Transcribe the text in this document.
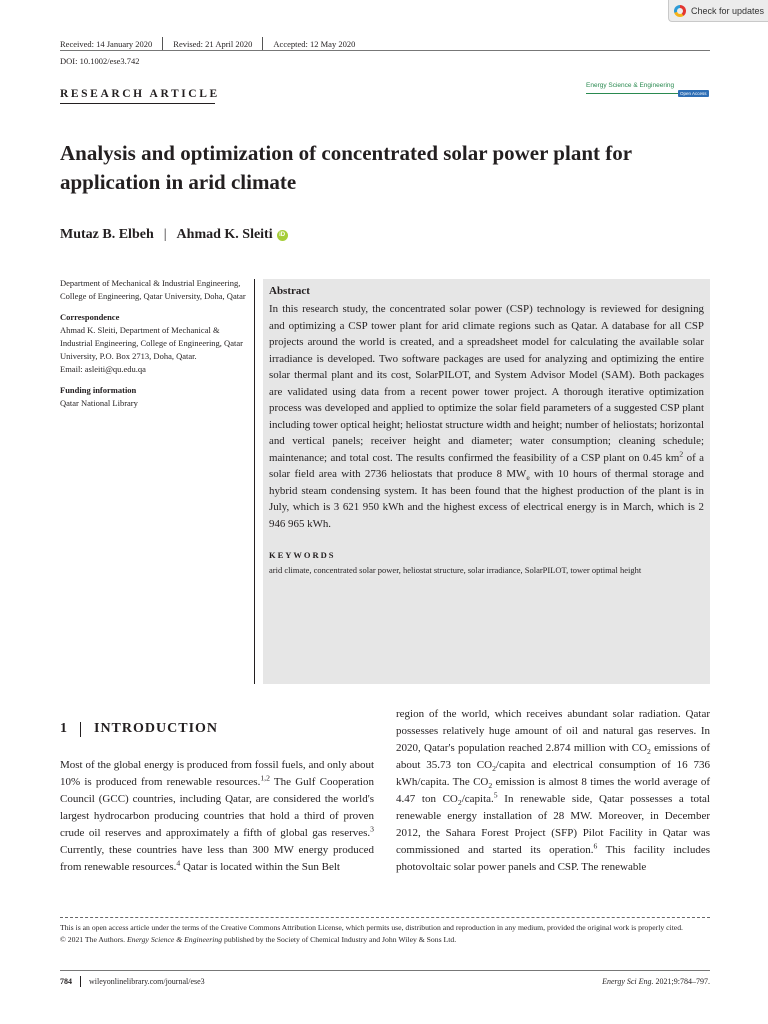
Check for updates
Received: 14 January 2020 Revised: 21 April 2020 Accepted: 12 May 2020
DOI: 10.1002/ese3.742
RESEARCH ARTICLE
Energy Science & Engineering
Open Access
Analysis and optimization of concentrated solar power plant for application in arid climate
Mutaz B. Elbeh | Ahmad K. Sleiti	iD
Department of Mechanical & Industrial Engineering, College of Engineering, Qatar University, Doha, Qatar
Correspondence
Ahmad K. Sleiti, Department of Mechanical & Industrial Engineering, College of Engineering, Qatar University, P.O. Box 2713, Doha, Qatar.
Email: asleiti@qu.edu.qa
Funding information
Qatar National Library
Abstract
In this research study, the concentrated solar power (CSP) technology is reviewed for designing and optimizing a CSP tower plant for arid climate regions such as Qatar. A database for all CSP projects around the world is created, and a spreadsheet model for calculating the available solar irradiance is developed. Two software packages are used for analyzing and optimizing the entire solar thermal plant and its cost, SolarPILOT, and System Advisor Model (SAM). Both packages are validated using data from a recent power tower project. A thorough iterative optimization process was developed and applied to optimize the solar field parameters of a suggested CSP plant including tower optical height; heliostat structure width and height; number of heliostats; horizontal and vertical panels; receiver height and diameter; water consumption; cleaning schedule; maintenance; and total cost. The results confirmed the feasibility of a CSP plant on 0.45 $km^2$ of a solar field area with 2736 heliostats that produce 8 $MW_e$ with 10 hours of thermal storage and hybrid steam condensing system. It has been found that the highest production of the plant is in July, which is 3 621 950 kWh and the highest excess of electrical energy is in March, which is 2 946 965 kWh.
KEYWORDS
arid climate, concentrated solar power, heliostat structure, solar irradiance, SolarPILOT, tower optimal height
1 INTRODUCTION
Most of the global energy is produced from fossil fuels, and only about 10% is produced from renewable resources.$^{1,2}$ The Gulf Cooperation Council (GCC) countries, including Qatar, are considered the world's largest hydrocarbon producing countries that hold a third of proven crude oil reserves and approximately a fifth of global gas reserves.$^3$ Currently, these countries have less than 300 MW energy produced from renewable resources.$^4$ Qatar is located within the Sun Belt
region of the world, which receives abundant solar radiation. Qatar possesses relatively huge amount of oil and natural gas reserves. In 2020, Qatar's population reached 2.874 million with $CO_2$ emissions of about 35.73 ton $CO_2$/capita and electrical consumption of 16 736 kWh/capita. The $CO_2$ emission is almost 8 times the world average of 4.47 ton $CO_2/capita.^5$ In renewable side, Qatar possesses a total renewable energy installation of 28 MW. Moreover, in December 2012, the Sahara Forest Project (SFP) Pilot Facility in Qatar was commissioned and started its operation.$^6$ This facility includes photovoltaic solar power panels and CSP. The renewable
This is an open access article under the terms of the Creative Commons Attribution License, which permits use, distribution and reproduction in any medium, provided the original work is properly cited.
© 2021 The Authors. Energy Science & Engineering published by the Society of Chemical Industry and John Wiley & Sons Ltd.
784 wileyonlinelibrary.com/journal/ese3	Energy Sci Eng. 2021;9:784–797.
